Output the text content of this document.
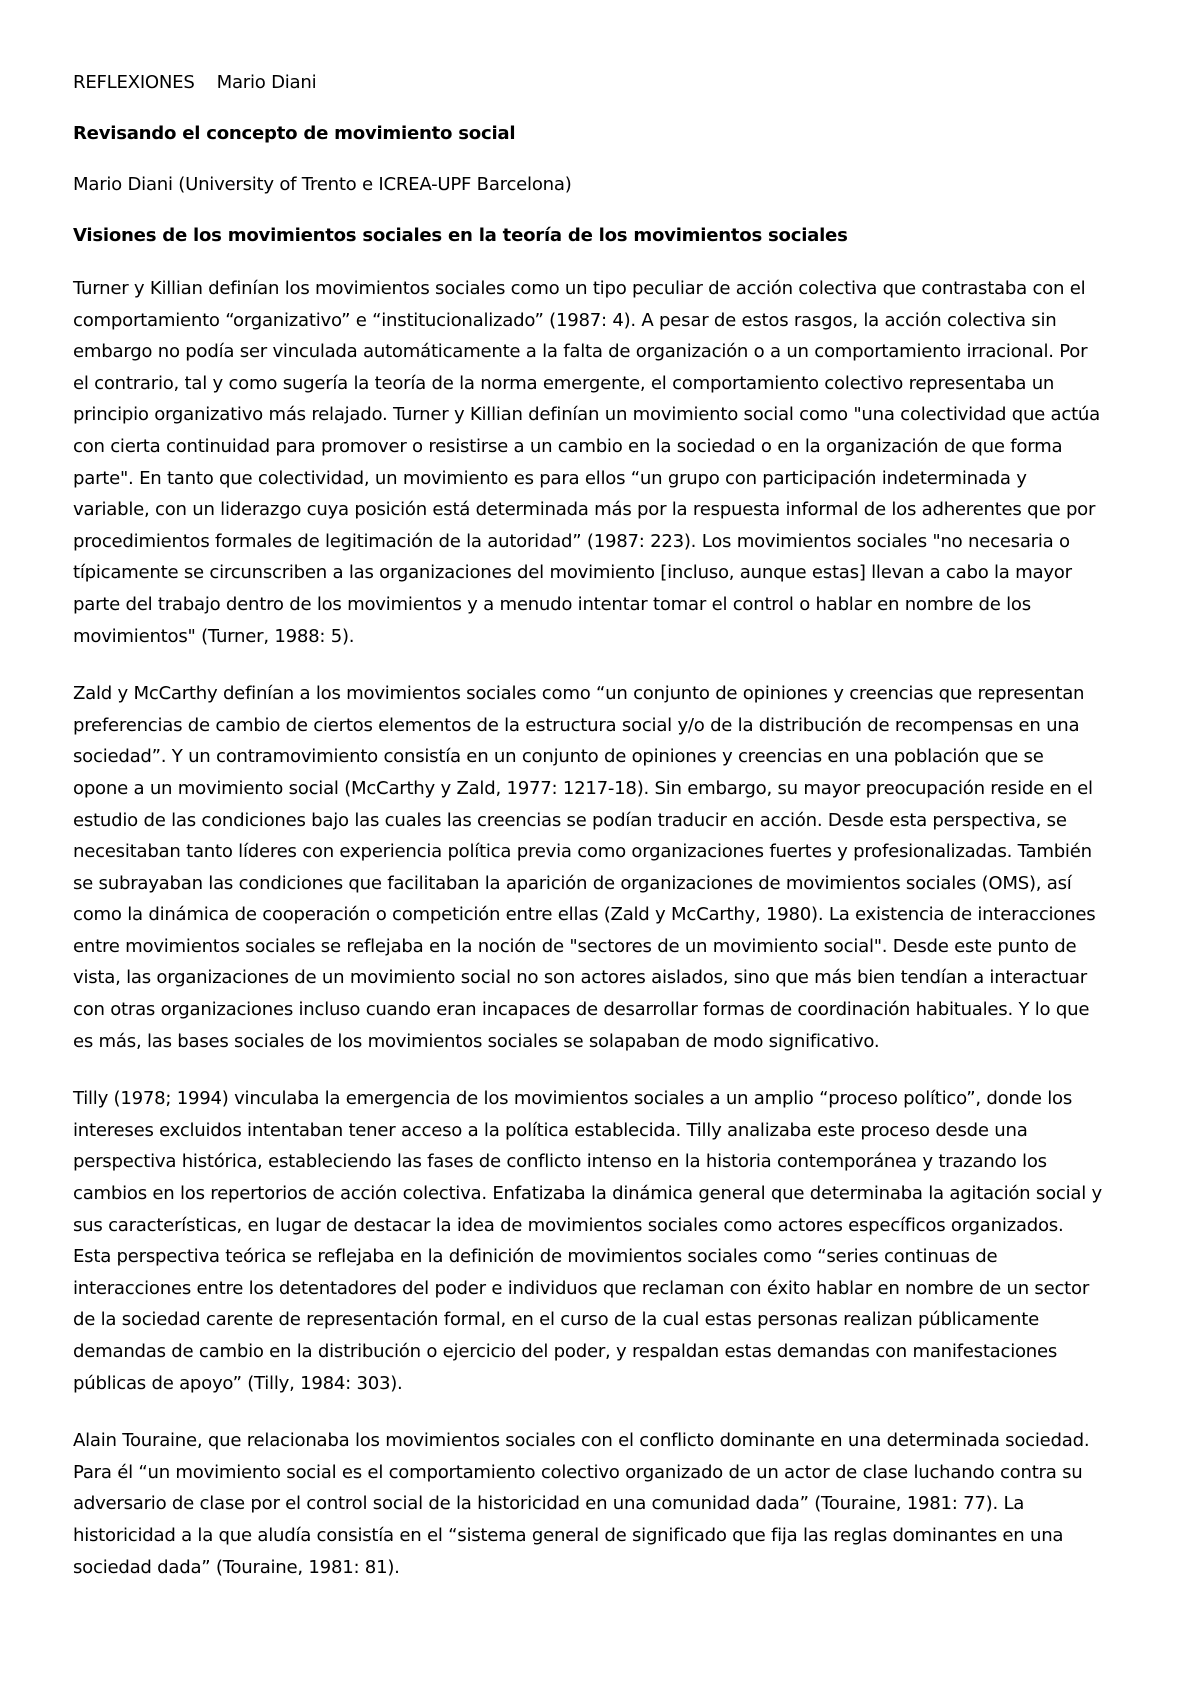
REFLEXIONES Mario Diani

Revisando el concepto de movimiento social

Mario Diani (University of Trento e ICREA-UPF Barcelona)

Visiones de los movimientos sociales en la teoría de los movimientos sociales

Turner y Killian definían los movimientos sociales como un tipo peculiar de acción colectiva que contrastaba con el comportamiento “organizativo” e “institucionalizado” (1987: 4). A pesar de estos rasgos, la acción colectiva sin embargo no podía ser vinculada automáticamente a la falta de organización o a un comportamiento irracional. Por el contrario, tal y como sugería la teoría de la norma emergente, el comportamiento colectivo representaba un principio organizativo más relajado. Turner y Killian definían un movimiento social como "una colectividad que actúa con cierta continuidad para promover o resistirse a un cambio en la sociedad o en la organización de que forma parte". En tanto que colectividad, un movimiento es para ellos “un grupo con participación indeterminada y variable, con un liderazgo cuya posición está determinada más por la respuesta informal de los adherentes que por procedimientos formales de legitimación de la autoridad” (1987: 223). Los movimientos sociales "no necesaria o típicamente se circunscriben a las organizaciones del movimiento [incluso, aunque estas] llevan a cabo la mayor parte del trabajo dentro de los movimientos y a menudo intentar tomar el control o hablar en nombre de los movimientos" (Turner, 1988: 5).

Zald y McCarthy definían a los movimientos sociales como “un conjunto de opiniones y creencias que representan preferencias de cambio de ciertos elementos de la estructura social y/o de la distribución de recompensas en una sociedad”. Y un contramovimiento consistía en un conjunto de opiniones y creencias en una población que se opone a un movimiento social (McCarthy y Zald, 1977: 1217-18). Sin embargo, su mayor preocupación reside en el estudio de las condiciones bajo las cuales las creencias se podían traducir en acción. Desde esta perspectiva, se necesitaban tanto líderes con experiencia política previa como organizaciones fuertes y profesionalizadas. También se subrayaban las condiciones que facilitaban la aparición de organizaciones de movimientos sociales (OMS), así como la dinámica de cooperación o competición entre ellas (Zald y McCarthy, 1980). La existencia de interacciones entre movimientos sociales se reflejaba en la noción de "sectores de un movimiento social". Desde este punto de vista, las organizaciones de un movimiento social no son actores aislados, sino que más bien tendían a interactuar con otras organizaciones incluso cuando eran incapaces de desarrollar formas de coordinación habituales. Y lo que es más, las bases sociales de los movimientos sociales se solapaban de modo significativo.

Tilly (1978; 1994) vinculaba la emergencia de los movimientos sociales a un amplio “proceso político”, donde los intereses excluidos intentaban tener acceso a la política establecida. Tilly analizaba este proceso desde una perspectiva histórica, estableciendo las fases de conflicto intenso en la historia contemporánea y trazando los cambios en los repertorios de acción colectiva. Enfatizaba la dinámica general que determinaba la agitación social y sus características, en lugar de destacar la idea de movimientos sociales como actores específicos organizados. Esta perspectiva teórica se reflejaba en la definición de movimientos sociales como “series continuas de interacciones entre los detentadores del poder e individuos que reclaman con éxito hablar en nombre de un sector de la sociedad carente de representación formal, en el curso de la cual estas personas realizan públicamente demandas de cambio en la distribución o ejercicio del poder, y respaldan estas demandas con manifestaciones públicas de apoyo” (Tilly, 1984: 303).

Alain Touraine, que relacionaba los movimientos sociales con el conflicto dominante en una determinada sociedad. Para él “un movimiento social es el comportamiento colectivo organizado de un actor de clase luchando contra su adversario de clase por el control social de la historicidad en una comunidad dada” (Touraine, 1981: 77). La historicidad a la que aludía consistía en el “sistema general de significado que fija las reglas dominantes en una sociedad dada” (Touraine, 1981: 81).
